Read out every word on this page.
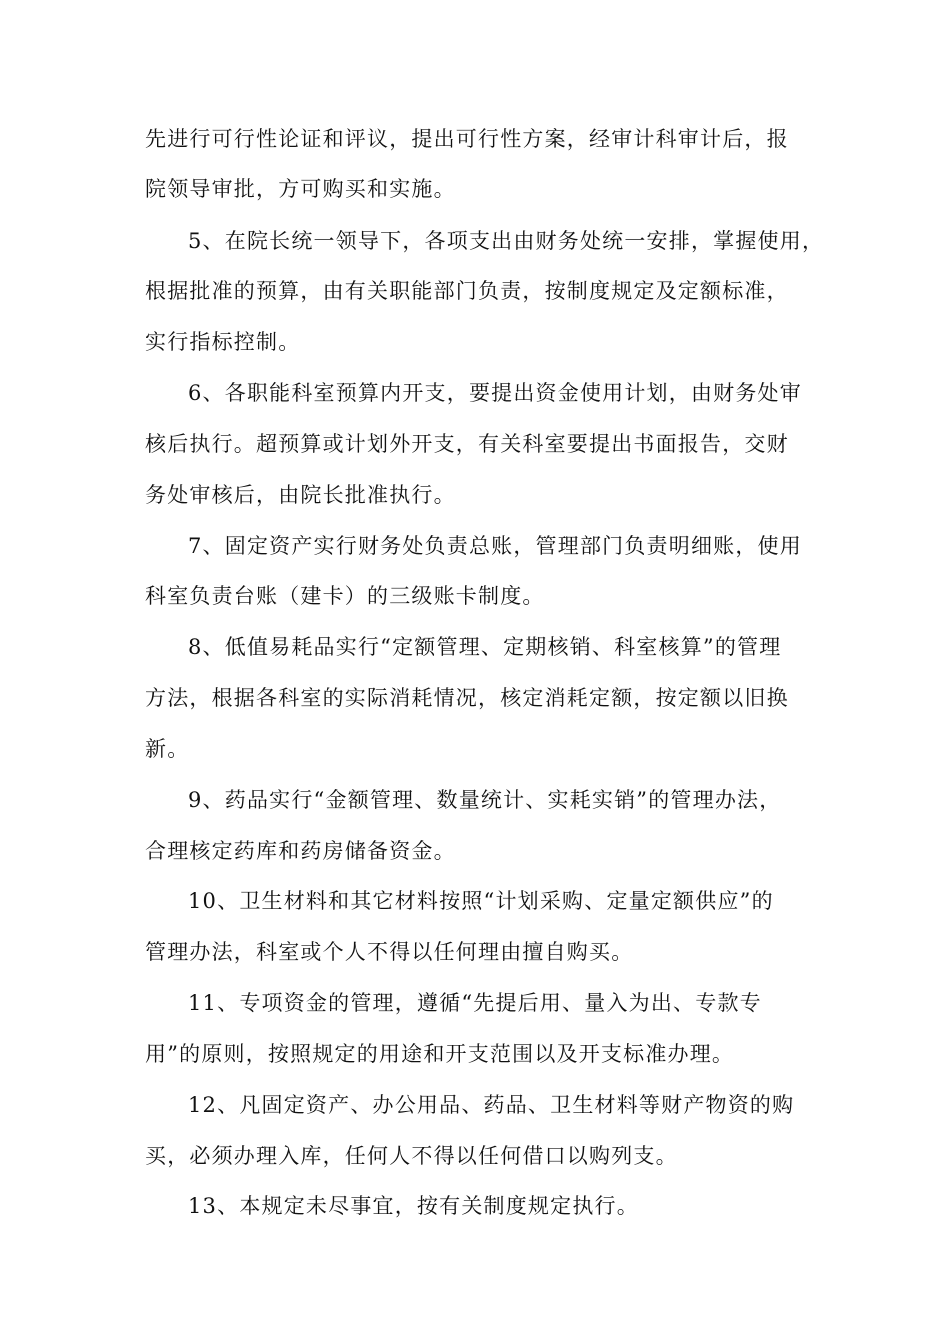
先进行可行性论证和评议，提出可行性方案，经审计科审计后，报
院领导审批，方可购买和实施。
5、在院长统一领导下，各项支出由财务处统一安排，掌握使用，
根据批准的预算，由有关职能部门负责，按制度规定及定额标准，
实行指标控制。
6、各职能科室预算内开支，要提出资金使用计划，由财务处审
核后执行。超预算或计划外开支，有关科室要提出书面报告，交财
务处审核后，由院长批准执行。
7、固定资产实行财务处负责总账，管理部门负责明细账，使用
科室负责台账（建卡）的三级账卡制度。
8、低值易耗品实行“定额管理、定期核销、科室核算”的管理
方法，根据各科室的实际消耗情况，核定消耗定额，按定额以旧换
新。
9、药品实行“金额管理、数量统计、实耗实销”的管理办法，
合理核定药库和药房储备资金。
10、卫生材料和其它材料按照“计划采购、定量定额供应”的
管理办法，科室或个人不得以任何理由擅自购买。
11、专项资金的管理，遵循“先提后用、量入为出、专款专
用”的原则，按照规定的用途和开支范围以及开支标准办理。
12、凡固定资产、办公用品、药品、卫生材料等财产物资的购
买，必须办理入库，任何人不得以任何借口以购列支。
13、本规定未尽事宜，按有关制度规定执行。
